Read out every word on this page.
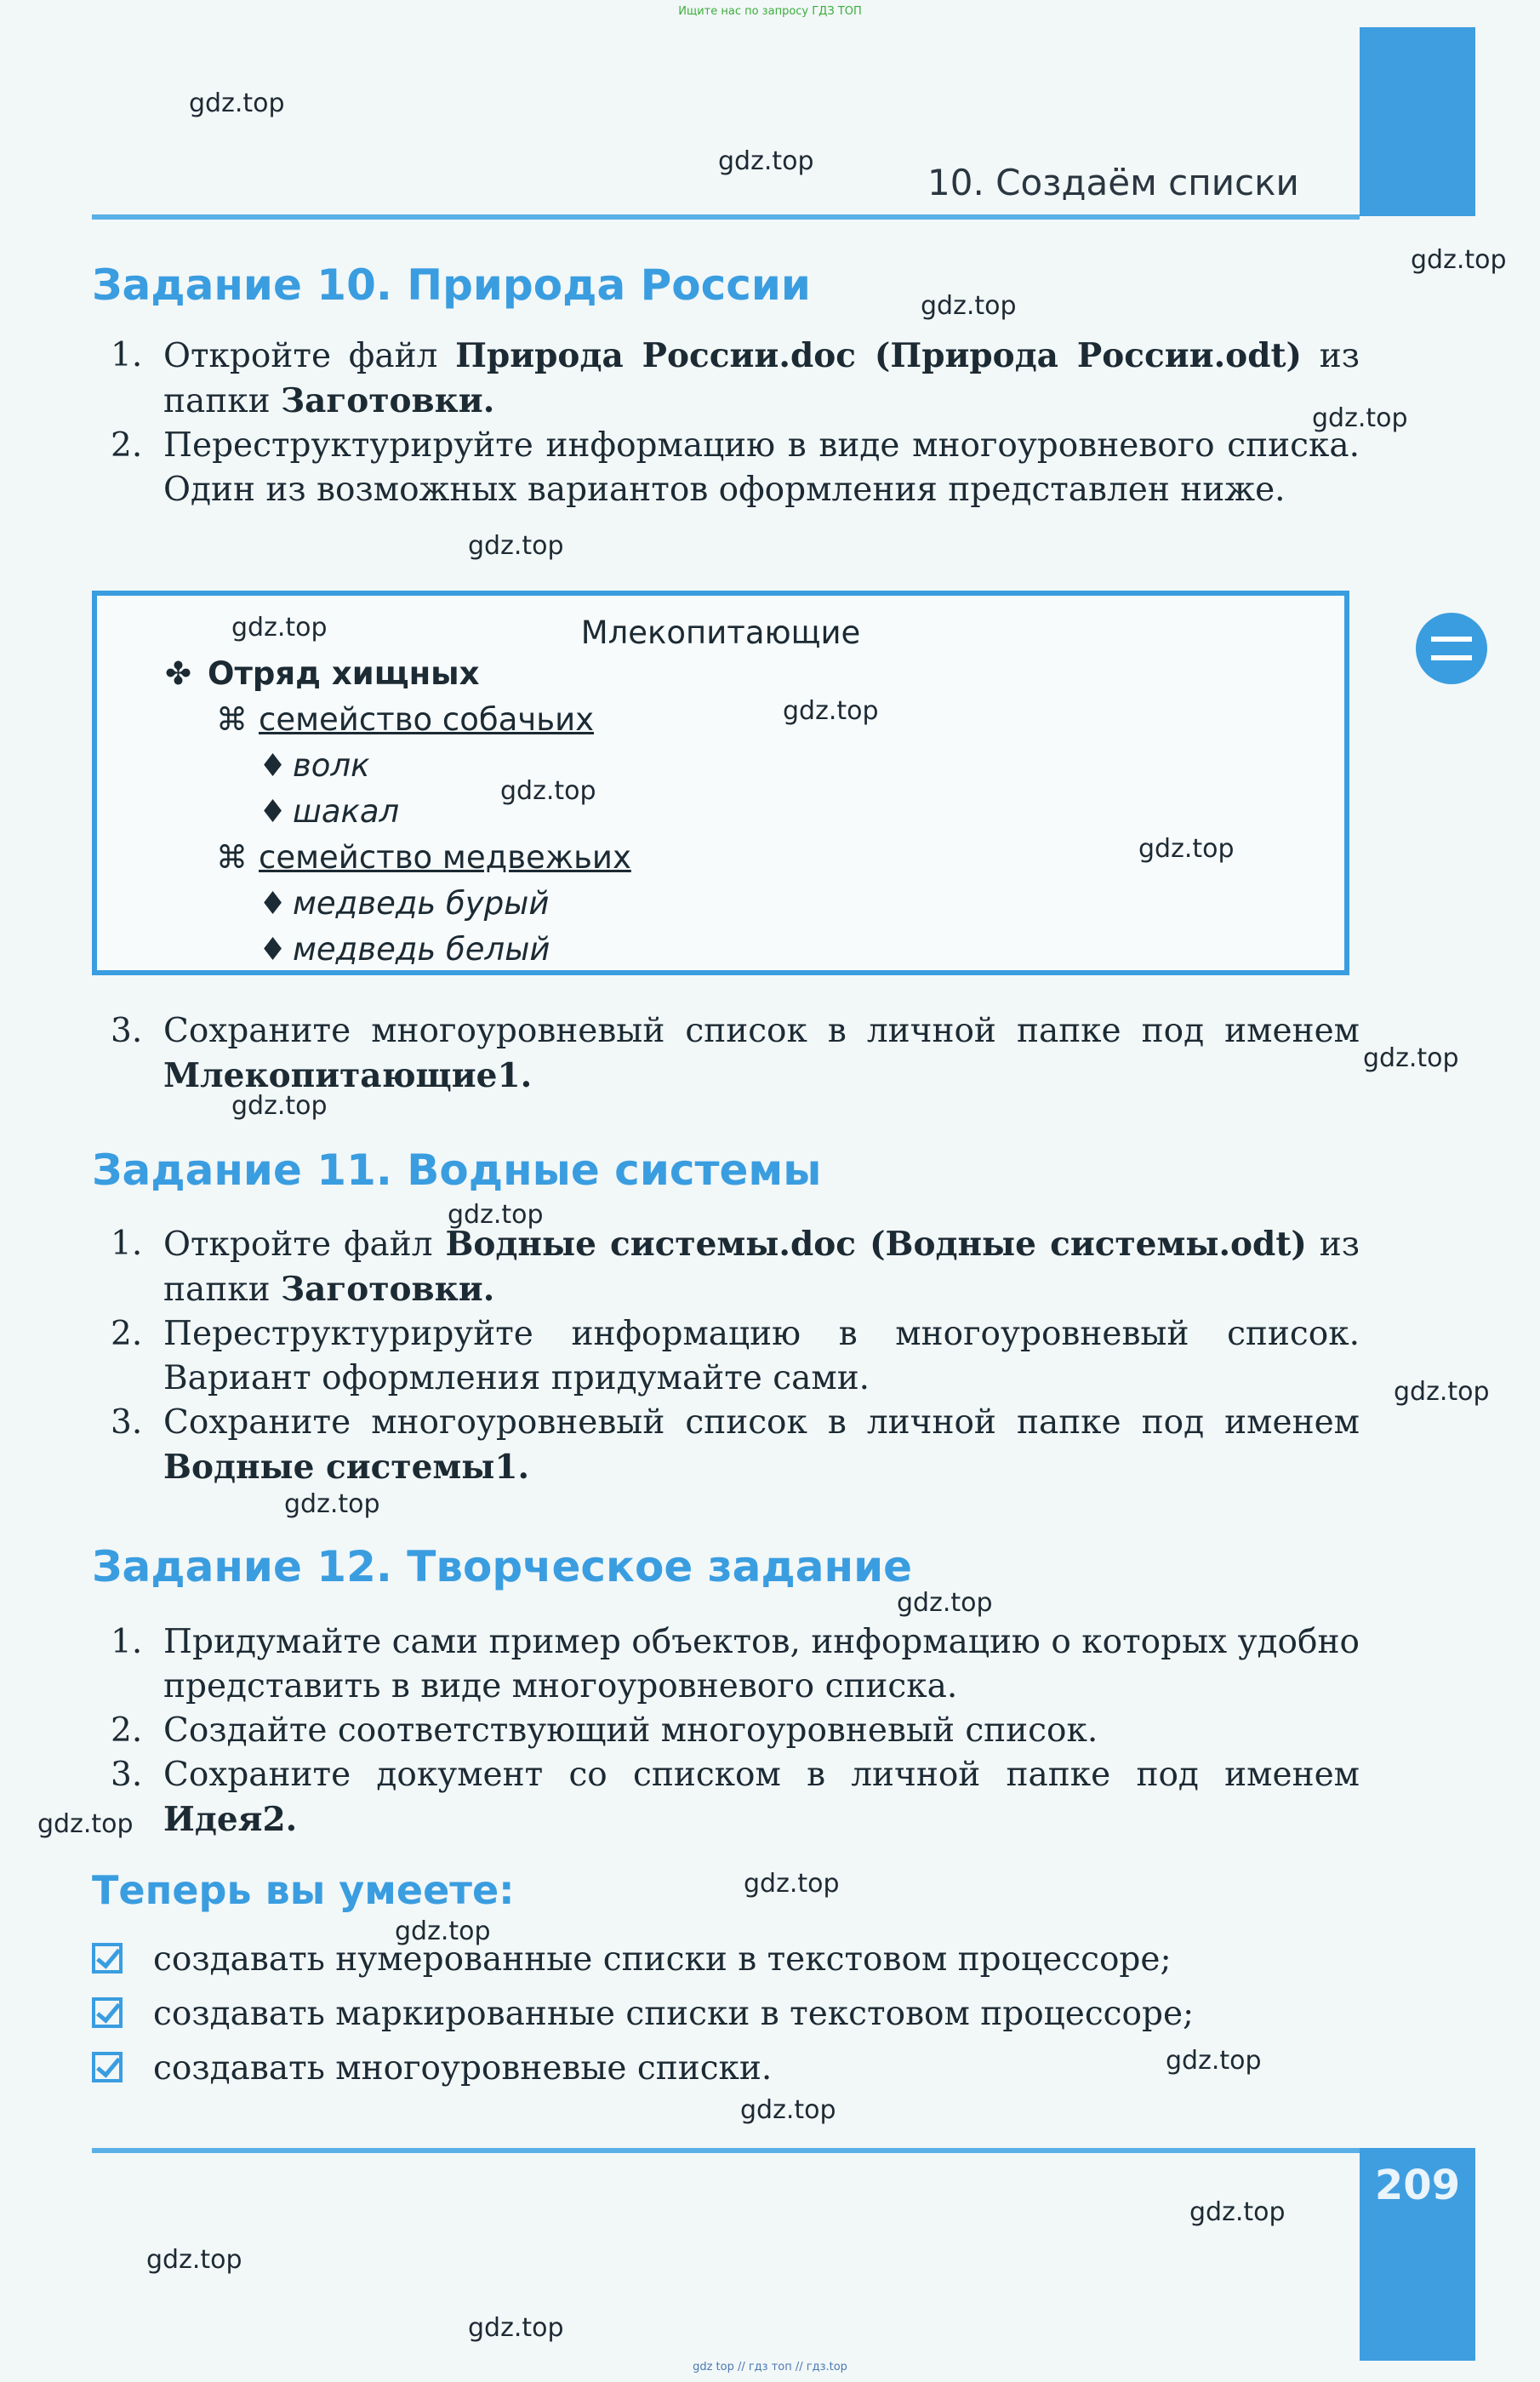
Ищите нас по запросу ГДЗ ТОП
10. Создаём списки
Задание 10. Природа России
1. Откройте файл Природа России.doc (Природа России.odt) из папки Заготовки.
2. Переструктурируйте информацию в виде многоуровневого списка. Один из возможных вариантов оформления представлен ниже.
Млекопитающие
✤ Отряд хищных
⌘ семейство собачьих
♦ волк
♦ шакал
⌘ семейство медвежьих
♦ медведь бурый
♦ медведь белый
3. Сохраните многоуровневый список в личной папке под именем Млекопитающие1.
Задание 11. Водные системы
1. Откройте файл Водные системы.doc (Водные системы.odt) из папки Заготовки.
2. Переструктурируйте информацию в многоуровневый список. Вариант оформления придумайте сами.
3. Сохраните многоуровневый список в личной папке под именем Водные системы1.
Задание 12. Творческое задание
1. Придумайте сами пример объектов, информацию о которых удобно представить в виде многоуровневого списка.
2. Создайте соответствующий многоуровневый список.
3. Сохраните документ со списком в личной папке под именем Идея2.
Теперь вы умеете:
создавать нумерованные списки в текстовом процессоре;
создавать маркированные списки в текстовом процессоре;
создавать многоуровневые списки.
209
gdz.top
gdz.top
gdz.top
gdz.top
gdz.top
gdz.top
gdz.top
gdz.top
gdz.top
gdz.top
gdz.top
gdz.top
gdz.top
gdz.top
gdz.top
gdz.top
gdz.top
gdz.top
gdz.top
gdz.top
gdz.top
gdz.top
gdz.top
gdz.top
gdz top // гдз топ // гдз.top
